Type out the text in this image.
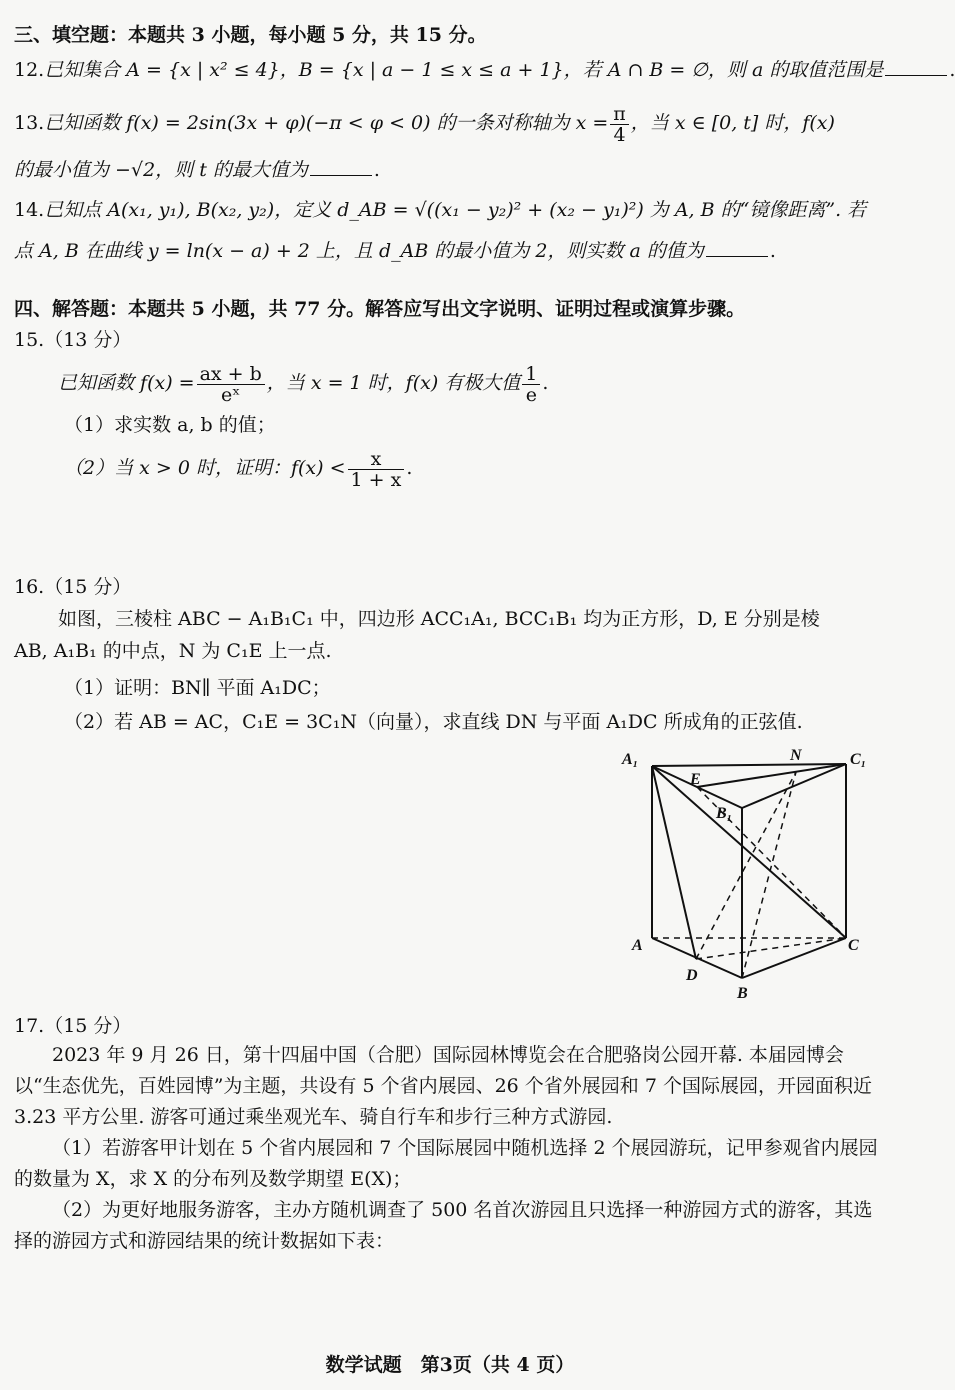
三、填空题：本题共 3 小题，每小题 5 分，共 15 分。
12.已知集合 A = {x | x² ≤ 4}，B = {x | a − 1 ≤ x ≤ a + 1}，若 A ∩ B = ∅，则 a 的取值范围是	.
13.已知函数 f(x) = 2sin(3x + φ)(−π < φ < 0) 的一条对称轴为 $x = \frac{\pi}{4}$ ，当 x ∈ [0, t] 时，f(x)
的最小值为 −√2，则 t 的最大值为	.
14.已知点 A(x₁, y₁), B(x₂, y₂)，定义 d_AB = √((x₁ − y₂)² + (x₂ − y₁)²) 为 A, B 的“镜像距离”. 若
点 A, B 在曲线 y = ln(x − a) + 2 上，且 d_AB 的最小值为 2，则实数 a 的值为	.
四、解答题：本题共 5 小题，共 77 分。解答应写出文字说明、证明过程或演算步骤。
15.（13 分）
已知函数 $f(x) = \frac{ax + b}{\text{eˣ}}$ ，当 x = 1 时，f(x) 有极大值 $\frac{1}{e}$ .
（1）求实数 a, b 的值；
（2）当 x > 0 时，证明：$f(x) < \frac{x}{1 + x}$ .
16.（15 分）
如图，三棱柱 ABC − A₁B₁C₁ 中，四边形 ACC₁A₁, BCC₁B₁ 均为正方形，D, E 分别是棱
AB, A₁B₁ 的中点，N 为 C₁E 上一点.
（1）证明：BN∥ 平面 A₁DC；
（2）若 AB = AC，C₁E = 3C₁N（向量），求直线 DN 与平面 A₁DC 所成角的正弦值.
A₁	N	C₁
E
B₁
A	C
D
B
17.（15 分）
2023 年 9 月 26 日，第十四届中国（合肥）国际园林博览会在合肥骆岗公园开幕. 本届园博会以“生态优先，百姓园博”为主题，共设有 5 个省内展园、26 个省外展园和 7 个国际展园，开园面积近 3.23 平方公里. 游客可通过乘坐观光车、骑自行车和步行三种方式游园.
（1）若游客甲计划在 5 个省内展园和 7 个国际展园中随机选择 2 个展园游玩，记甲参观省内展园的数量为 X，求 X 的分布列及数学期望 E(X)；
（2）为更好地服务游客，主办方随机调查了 500 名首次游园且只选择一种游园方式的游客，其选择的游园方式和游园结果的统计数据如下表：
数学试题　第3页（共 4 页）
